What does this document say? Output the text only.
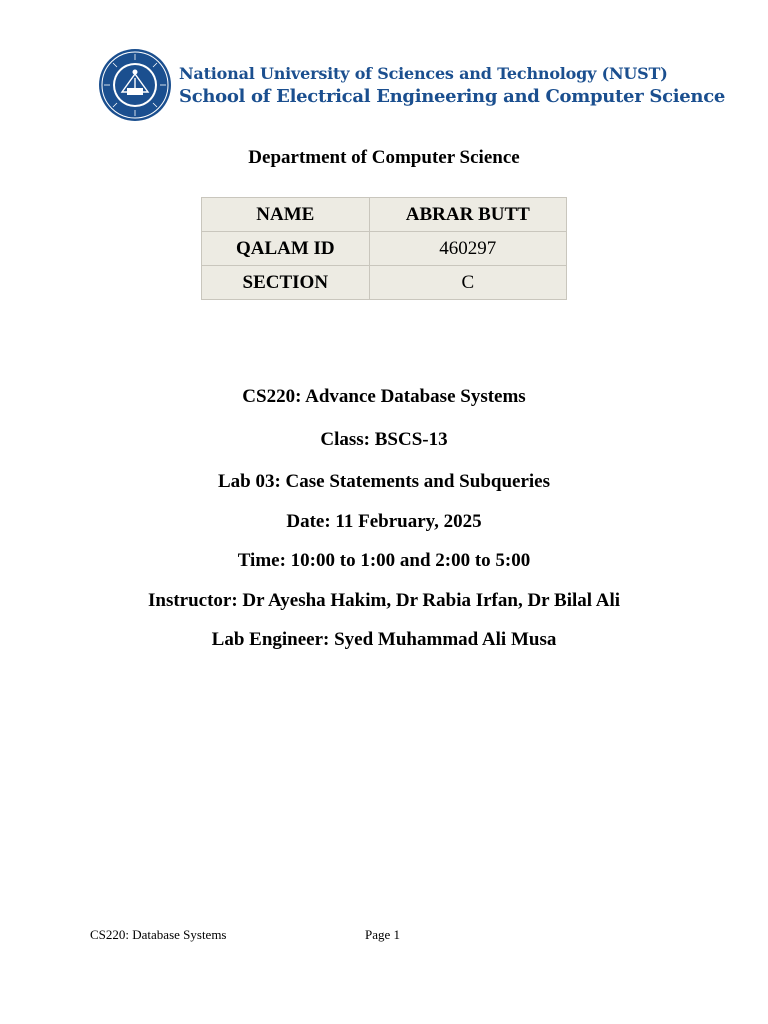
National University of Sciences and Technology (NUST)
School of Electrical Engineering and Computer Science
Department of Computer Science
NAME	ABRAR BUTT
QALAM ID	460297
SECTION	C
CS220: Advance Database Systems
Class: BSCS-13
Lab 03: Case Statements and Subqueries
Date: 11 February, 2025
Time: 10:00 to 1:00 and 2:00 to 5:00
Instructor: Dr Ayesha Hakim, Dr Rabia Irfan, Dr Bilal Ali
Lab Engineer: Syed Muhammad Ali Musa
CS220: Database Systems	Page 1
